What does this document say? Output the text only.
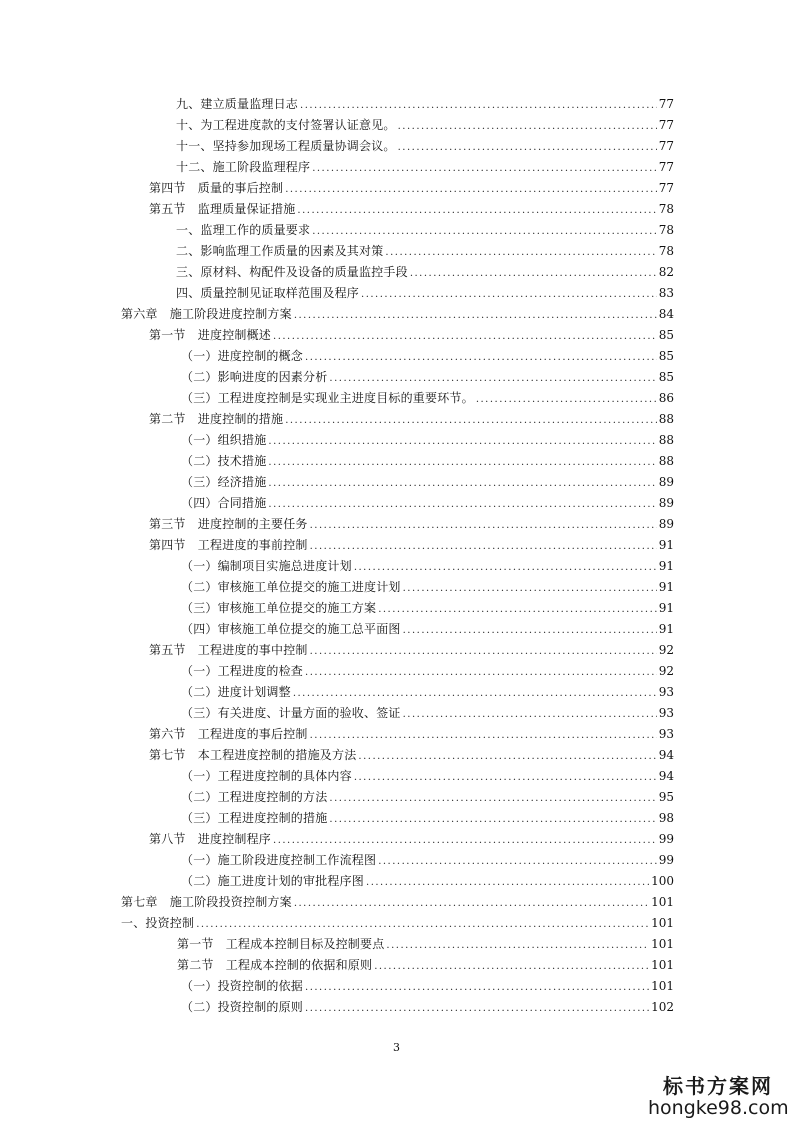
九、建立质量监理日志 .....	77
十、为工程进度款的支付签署认证意见。 .....	77
十一、坚持参加现场工程质量协调会议。 .....	77
十二、施工阶段监理程序 .....	77
第四节　质量的事后控制 .....	77
第五节　监理质量保证措施 .....	78
一、监理工作的质量要求 .....	78
二、影响监理工作质量的因素及其对策 .....	78
三、原材料、构配件及设备的质量监控手段 .....	82
四、质量控制见证取样范围及程序 .....	83
第六章　施工阶段进度控制方案 .....	84
第一节　进度控制概述 .....	85
（一）进度控制的概念 .....	85
（二）影响进度的因素分析 .....	85
（三）工程进度控制是实现业主进度目标的重要环节。 .....	86
第二节　进度控制的措施 .....	88
（一）组织措施 .....	88
（二）技术措施 .....	88
（三）经济措施 .....	89
（四）合同措施 .....	89
第三节　进度控制的主要任务 .....	89
第四节　工程进度的事前控制 .....	91
（一）编制项目实施总进度计划 .....	91
（二）审核施工单位提交的施工进度计划 .....	91
（三）审核施工单位提交的施工方案 .....	91
（四）审核施工单位提交的施工总平面图 .....	91
第五节　工程进度的事中控制 .....	92
（一）工程进度的检查 .....	92
（二）进度计划调整 .....	93
（三）有关进度、计量方面的验收、签证 .....	93
第六节　工程进度的事后控制 .....	93
第七节　本工程进度控制的措施及方法 .....	94
（一）工程进度控制的具体内容 .....	94
（二）工程进度控制的方法 .....	95
（三）工程进度控制的措施 .....	98
第八节　进度控制程序 .....	99
（一）施工阶段进度控制工作流程图 .....	99
（二）施工进度计划的审批程序图 .....	100
第七章　施工阶段投资控制方案 .....	101
一、投资控制 .....	101
第一节　工程成本控制目标及控制要点 .....	101
第二节　工程成本控制的依据和原则 .....	101
（一）投资控制的依据 .....	101
（二）投资控制的原则 .....	102
3
标书方案网
hongke98.com
